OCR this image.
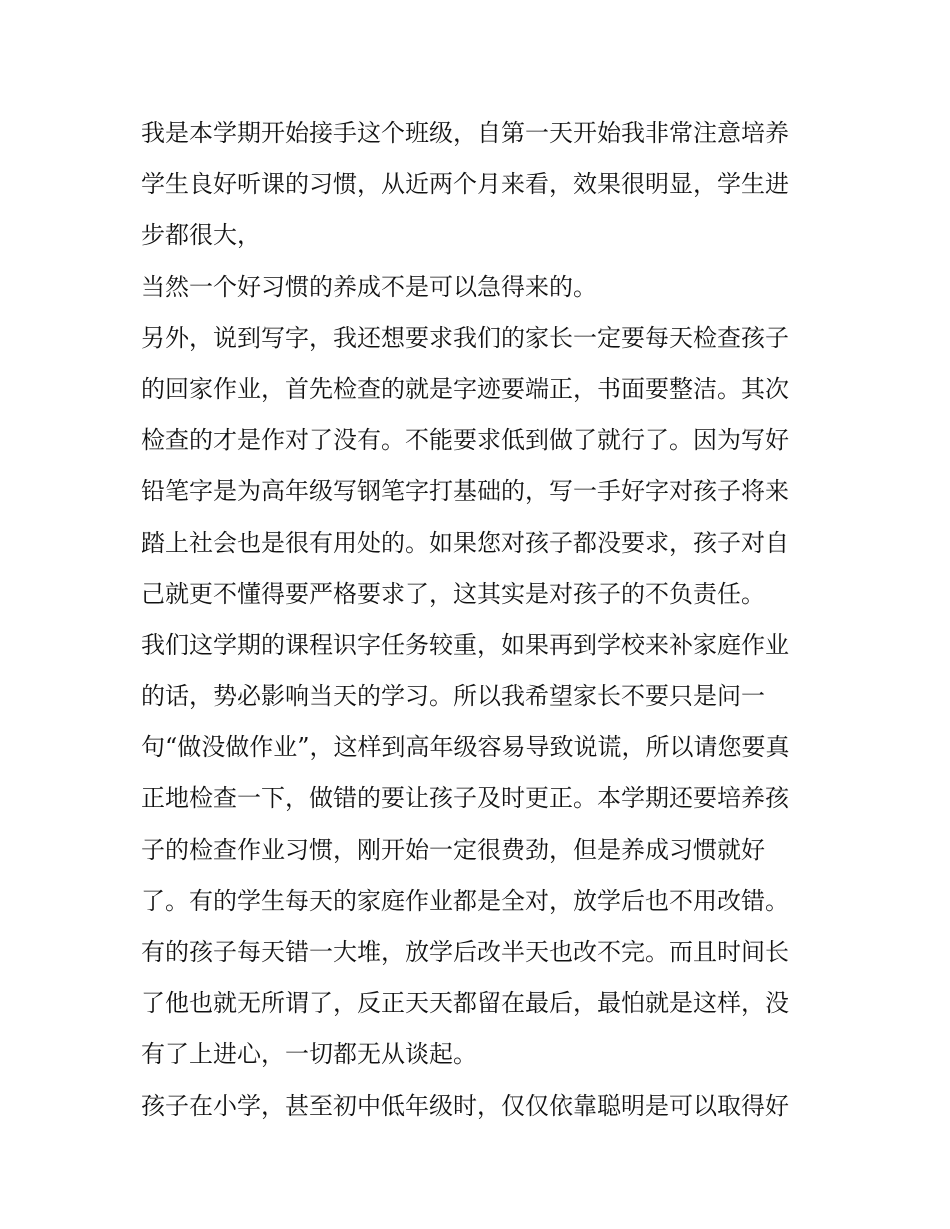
我是本学期开始接手这个班级，自第一天开始我非常注意培养
学生良好听课的习惯，从近两个月来看，效果很明显，学生进
步都很大，
当然一个好习惯的养成不是可以急得来的。
另外，说到写字，我还想要求我们的家长一定要每天检查孩子
的回家作业，首先检查的就是字迹要端正，书面要整洁。其次
检查的才是作对了没有。不能要求低到做了就行了。因为写好
铅笔字是为高年级写钢笔字打基础的，写一手好字对孩子将来
踏上社会也是很有用处的。如果您对孩子都没要求，孩子对自
己就更不懂得要严格要求了，这其实是对孩子的不负责任。
我们这学期的课程识字任务较重，如果再到学校来补家庭作业
的话，势必影响当天的学习。所以我希望家长不要只是问一
句“做没做作业”，这样到高年级容易导致说谎，所以请您要真
正地检查一下，做错的要让孩子及时更正。本学期还要培养孩
子的检查作业习惯，刚开始一定很费劲，但是养成习惯就好
了。有的学生每天的家庭作业都是全对，放学后也不用改错。
有的孩子每天错一大堆，放学后改半天也改不完。而且时间长
了他也就无所谓了，反正天天都留在最后，最怕就是这样，没
有了上进心，一切都无从谈起。
孩子在小学，甚至初中低年级时，仅仅依靠聪明是可以取得好
